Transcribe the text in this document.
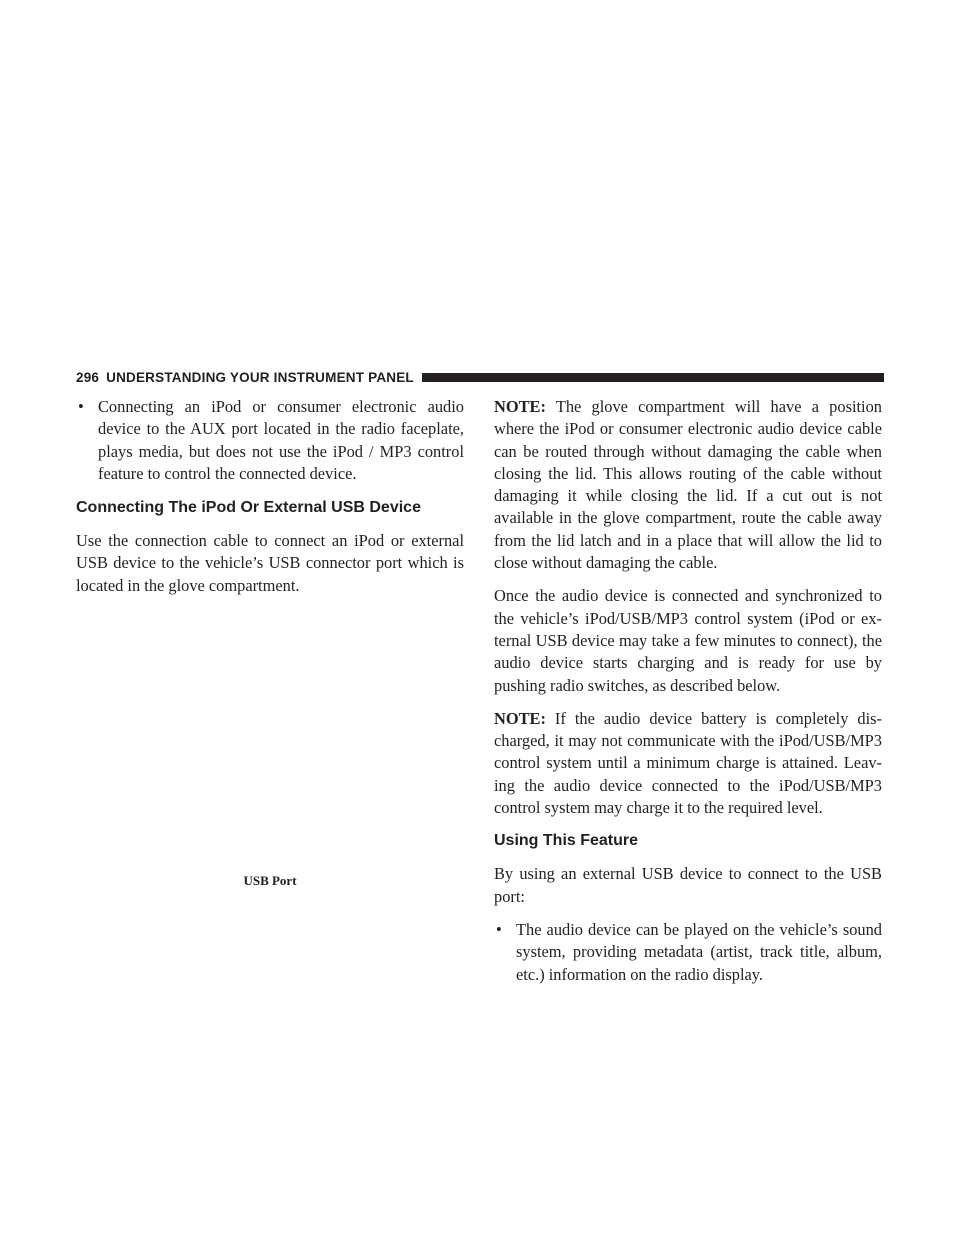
296 UNDERSTANDING YOUR INSTRUMENT PANEL
• Connecting an iPod or consumer electronic audio device to the AUX port located in the radio faceplate, plays media, but does not use the iPod / MP3 control feature to control the connected device.
Connecting The iPod Or External USB Device

Use the connection cable to connect an iPod or external USB device to the vehicle’s USB connector port which is located in the glove compartment.

USB Port

NOTE: The glove compartment will have a position where the iPod or consumer electronic audio device cable can be routed through without damaging the cable when closing the lid. This allows routing of the cable without damaging it while closing the lid. If a cut out is not available in the glove compartment, route the cable away from the lid latch and in a place that will allow the lid to close without damaging the cable.

Once the audio device is connected and synchronized to the vehicle’s iPod/USB/MP3 control system (iPod or ex-ternal USB device may take a few minutes to connect), the audio device starts charging and is ready for use by pushing radio switches, as described below.

NOTE: If the audio device battery is completely dis-charged, it may not communicate with the iPod/USB/MP3 control system until a minimum charge is attained. Leav-ing the audio device connected to the iPod/USB/MP3 control system may charge it to the required level.

Using This Feature

By using an external USB device to connect to the USB port:

• The audio device can be played on the vehicle’s sound system, providing metadata (artist, track title, album, etc.) information on the radio display.
